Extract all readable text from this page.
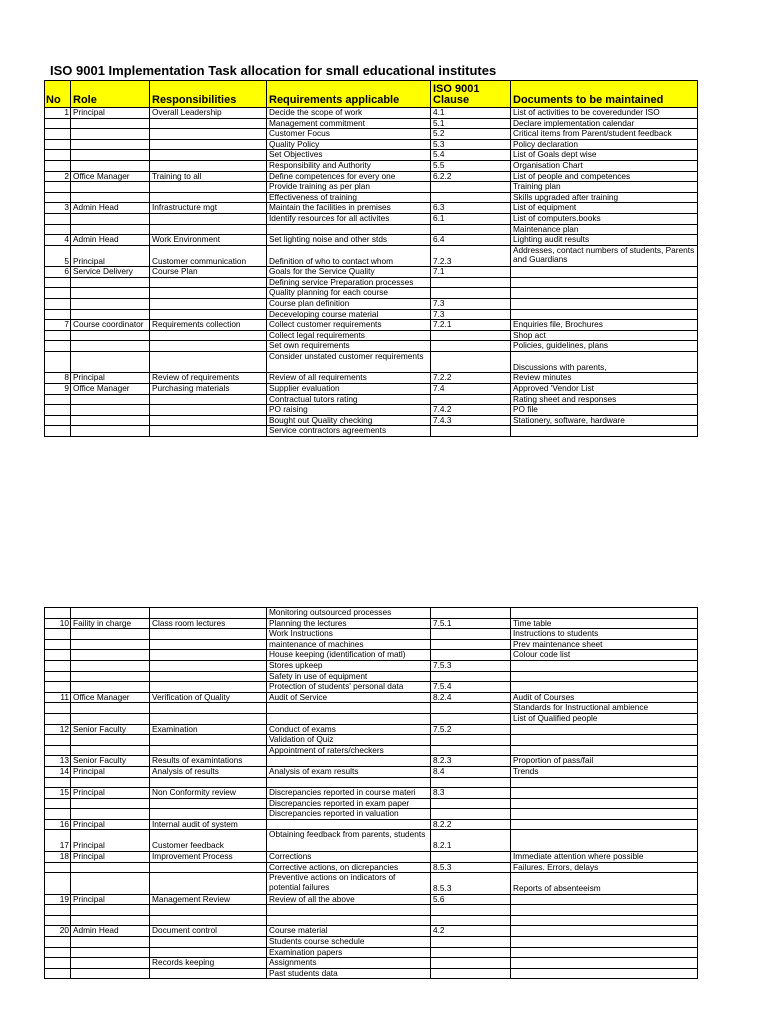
ISO 9001 Implementation Task allocation for small educational institutes
No	Role	Responsibilities	Requirements applicable	ISO 9001 Clause	Documents to be maintained
1	Principal	Overall Leadership	Decide the scope of work	4.1	List of activities to be coveredunder ISO
			Management commitment	5.1	Declare implementation calendar
			Customer Focus	5.2	Critical items from Parent/student feedback
			Quality Policy	5.3	Policy declaration
			Set Objectives	5.4	List of Goals dept wise
			Responsibility and Authority	5.5	Organisation Chart
2	Office Manager	Training to all	Define competences for every one	6.2.2	List of people and competences
			Provide training as per plan		Training plan
			Effectiveness of training		Skills upgraded after training
3	Admin Head	Infrastructure mgt	Maintain the facilities in premises	6.3	List of equipment
			Identify resources for all activites	6.1	List of computers.books
					Maintenance plan
4	Admin Head	Work Environment	Set lighting noise and other stds	6.4	Lighting audit results
5	Principal	Customer communication	Definition of who to contact whom	7.2.3	Addresses, contact numbers of students, Parents and Guardians
6	Service Delivery	Course Plan	Goals for the Service Quality	7.1	
			Defining service Preparation processes		
			Quality planning for each course		
			Course plan definition	7.3	
			Deceveloping course material	7.3	
7	Course coordinator	Requirements collection	Collect customer requirements	7.2.1	Enquiries file, Brochures
			Collect legal requirements		Shop act
			Set own requirements		Policies, guidelines, plans
			Consider unstated customer requirements		Discussions with parents,
8	Principal	Review of requirements	Review of all requirements	7.2.2	Review minutes
9	Office Manager	Purchasing materials	Supplier evaluation	7.4	Approved 'Vendor List
			Contractual tutors rating		Rating sheet and responses
			PO raising	7.4.2	PO file
			Bought out Quality checking	7.4.3	Stationery, software, hardware
			Service contractors agreements		
			Monitoring outsourced processes		
10	Faility in charge	Class room lectures	Planning the lectures	7.5.1	Time table
			Work Instructions		Instructions to students
			maintenance of machines		Prev maintenance sheet
			House keeping (identification of matl)		Colour code list
			Stores upkeep	7.5.3	
			Safety in use of equipment		
			Protection of students' personal data	7.5.4	
11	Office Manager	Verification of Quality	Audit of Service	8.2.4	Audit of Courses
					Standards for Instructional ambience
					List of Qualified people
12	Senior Faculty	Examination	Conduct of exams	7.5.2	
			Validation of Quiz		
			Appointment of raters/checkers		
13	Senior Faculty	Results of examintations		8.2.3	Proportion of pass/fail
14	Principal	Analysis of results	Analysis of exam results	8.4	Trends

15	Principal	Non Conformity review	Discrepancies reported in course materi	8.3	
			Discrepancies reported in exam paper		
			Discrepancies reported in valuation		
16	Principal	Internal audit of system		8.2.2	
17	Principal	Customer feedback	Obtaining feedback from parents, students	8.2.1	
18	Principal	Improvement Process	Corrections		Immediate attention where possible
			Corrective actions, on dicrepancies	8.5.3	Failures. Errors, delays
			Preventive actions on indicators of potential failures	8.5.3	Reports of absenteeism
19	Principal	Management Review	Review of all the above	5.6	

20	Admin Head	Document control	Course material	4.2	
			Students course schedule		
			Examination papers		
		Records keeping	Assignments		
			Past students data		
